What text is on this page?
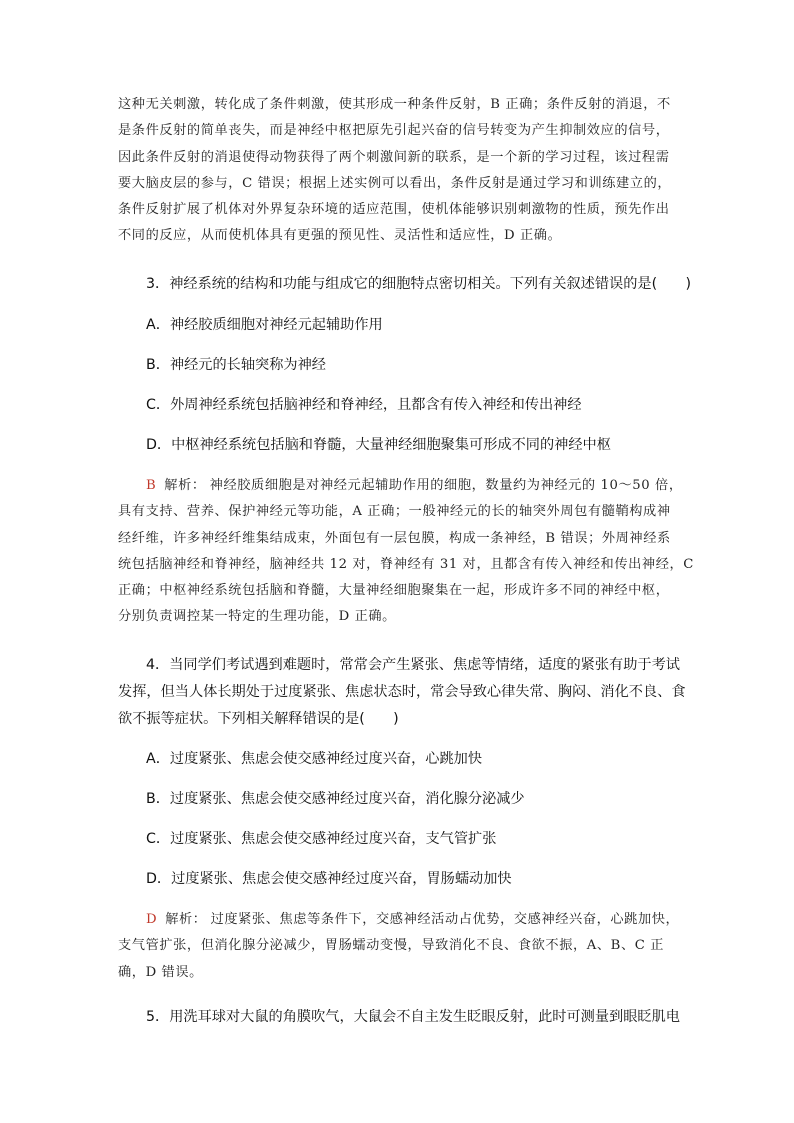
这种无关刺激，转化成了条件刺激，使其形成一种条件反射，B 正确；条件反射的消退，不
是条件反射的简单丧失，而是神经中枢把原先引起兴奋的信号转变为产生抑制效应的信号，
因此条件反射的消退使得动物获得了两个刺激间新的联系，是一个新的学习过程，该过程需
要大脑皮层的参与，C 错误；根据上述实例可以看出，条件反射是通过学习和训练建立的，
条件反射扩展了机体对外界复杂环境的适应范围，使机体能够识别刺激物的性质，预先作出
不同的反应，从而使机体具有更强的预见性、灵活性和适应性，D 正确。
3．神经系统的结构和功能与组成它的细胞特点密切相关。下列有关叙述错误的是(　　)
A．神经胶质细胞对神经元起辅助作用
B．神经元的长轴突称为神经
C．外周神经系统包括脑神经和脊神经，且都含有传入神经和传出神经
D．中枢神经系统包括脑和脊髓，大量神经细胞聚集可形成不同的神经中枢
B 解析： 神经胶质细胞是对神经元起辅助作用的细胞，数量约为神经元的 10～50 倍，
具有支持、营养、保护神经元等功能，A 正确；一般神经元的长的轴突外周包有髓鞘构成神
经纤维，许多神经纤维集结成束，外面包有一层包膜，构成一条神经，B 错误；外周神经系
统包括脑神经和脊神经，脑神经共 12 对，脊神经有 31 对，且都含有传入神经和传出神经，C
正确；中枢神经系统包括脑和脊髓，大量神经细胞聚集在一起，形成许多不同的神经中枢，
分别负责调控某一特定的生理功能，D 正确。
4．当同学们考试遇到难题时，常常会产生紧张、焦虑等情绪，适度的紧张有助于考试
发挥，但当人体长期处于过度紧张、焦虑状态时，常会导致心律失常、胸闷、消化不良、食
欲不振等症状。下列相关解释错误的是(　　)
A．过度紧张、焦虑会使交感神经过度兴奋，心跳加快
B．过度紧张、焦虑会使交感神经过度兴奋，消化腺分泌减少
C．过度紧张、焦虑会使交感神经过度兴奋，支气管扩张
D．过度紧张、焦虑会使交感神经过度兴奋，胃肠蠕动加快
D 解析： 过度紧张、焦虑等条件下，交感神经活动占优势，交感神经兴奋，心跳加快，
支气管扩张，但消化腺分泌减少，胃肠蠕动变慢，导致消化不良、食欲不振，A、B、C 正
确，D 错误。
5．用洗耳球对大鼠的角膜吹气，大鼠会不自主发生眨眼反射，此时可测量到眼眨肌电
